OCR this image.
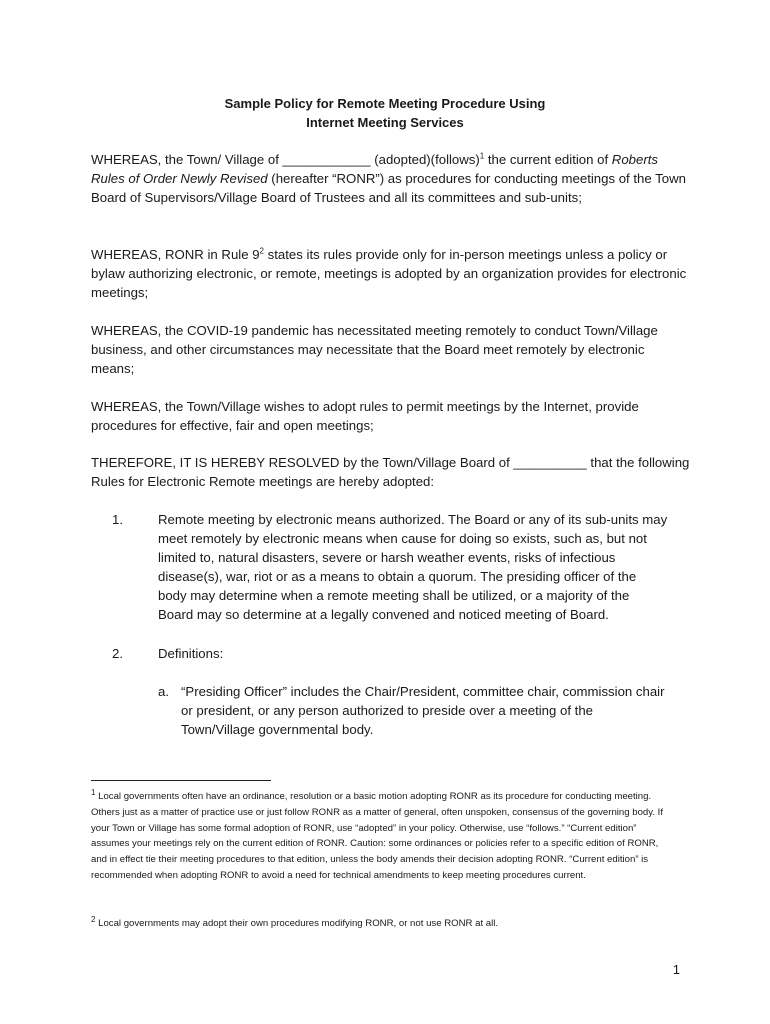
Sample Policy for Remote Meeting Procedure Using
Internet Meeting Services
WHEREAS, the Town/ Village of ____________ (adopted)(follows)$^1$ the current edition of Roberts Rules of Order Newly Revised (hereafter “RONR”) as procedures for conducting meetings of the Town Board of Supervisors/Village Board of Trustees and all its committees and sub-units;
WHEREAS, RONR in Rule $9^2$ states its rules provide only for in-person meetings unless a policy or bylaw authorizing electronic, or remote, meetings is adopted by an organization provides for electronic meetings;
WHEREAS, the COVID-19 pandemic has necessitated meeting remotely to conduct Town/Village business, and other circumstances may necessitate that the Board meet remotely by electronic means;
WHEREAS, the Town/Village wishes to adopt rules to permit meetings by the Internet, provide procedures for effective, fair and open meetings;
THEREFORE, IT IS HEREBY RESOLVED by the Town/Village Board of __________ that the following Rules for Electronic Remote meetings are hereby adopted:
1.	Remote meeting by electronic means authorized. The Board or any of its sub-units may meet remotely by electronic means when cause for doing so exists, such as, but not limited to, natural disasters, severe or harsh weather events, risks of infectious disease(s), war, riot or as a means to obtain a quorum. The presiding officer of the body may determine when a remote meeting shall be utilized, or a majority of the Board may so determine at a legally convened and noticed meeting of Board.
2.	Definitions:
a. “Presiding Officer” includes the Chair/President, committee chair, commission chair or president, or any person authorized to preside over a meeting of the Town/Village governmental body.
$^1$ Local governments often have an ordinance, resolution or a basic motion adopting RONR as its procedure for conducting meeting. Others just as a matter of practice use or just follow RONR as a matter of general, often unspoken, consensus of the governing body. If your Town or Village has some formal adoption of RONR, use “adopted” in your policy. Otherwise, use “follows.” “Current edition” assumes your meetings rely on the current edition of RONR. Caution: some ordinances or policies refer to a specific edition of RONR, and in effect tie their meeting procedures to that edition, unless the body amends their decision adopting RONR. “Current edition” is recommended when adopting RONR to avoid a need for technical amendments to keep meeting procedures current.
$^2$ Local governments may adopt their own procedures modifying RONR, or not use RONR at all.
1
